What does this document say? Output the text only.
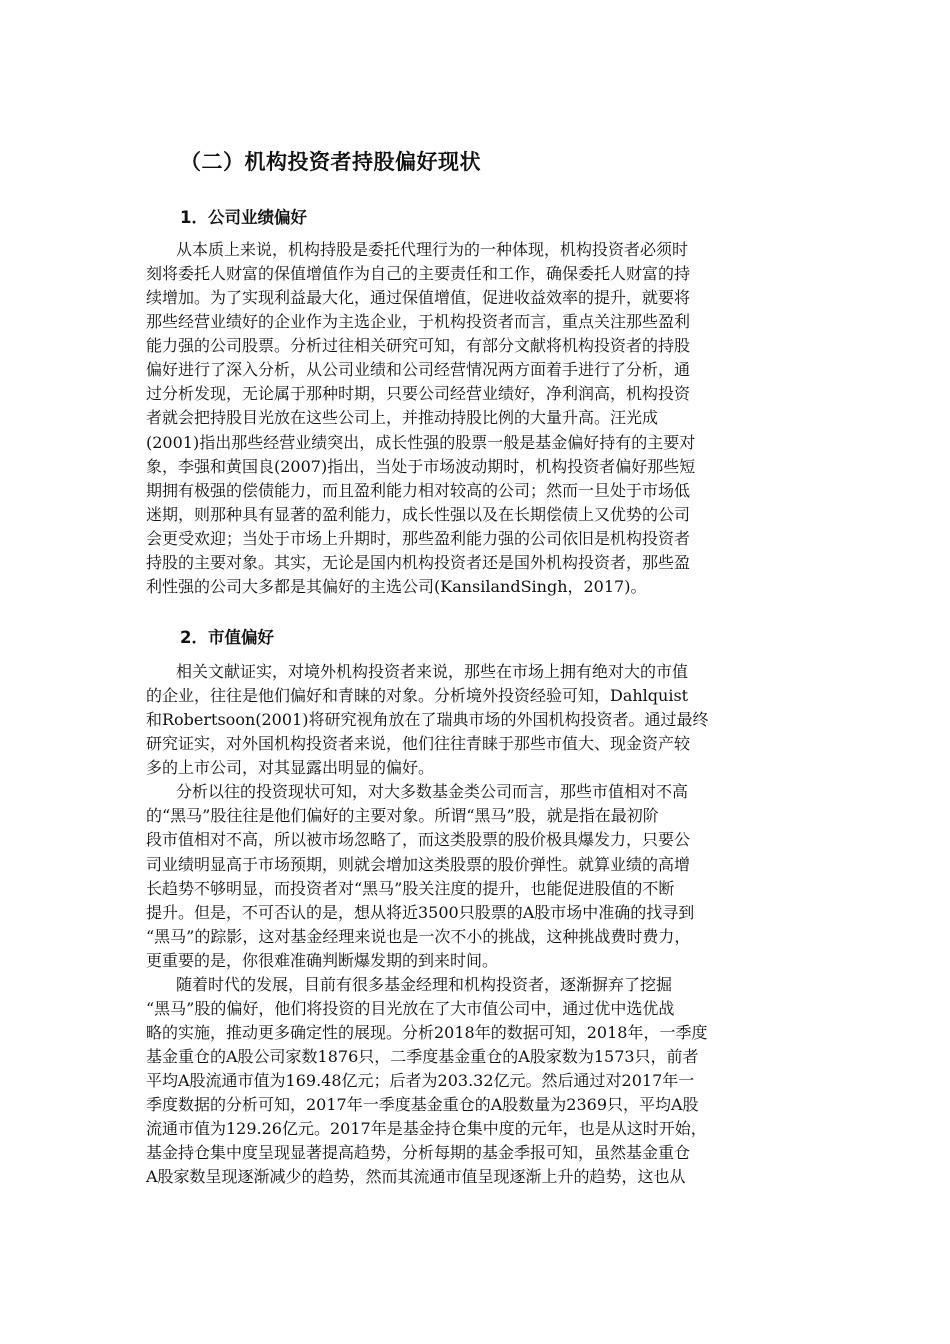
（二）机构投资者持股偏好现状
1．公司业绩偏好
从本质上来说，机构持股是委托代理行为的一种体现，机构投资者必须时
刻将委托人财富的保值增值作为自己的主要责任和工作，确保委托人财富的持
续增加。为了实现利益最大化，通过保值增值，促进收益效率的提升，就要将
那些经营业绩好的企业作为主选企业，于机构投资者而言，重点关注那些盈利
能力强的公司股票。分析过往相关研究可知，有部分文献将机构投资者的持股
偏好进行了深入分析，从公司业绩和公司经营情况两方面着手进行了分析，通
过分析发现，无论属于那种时期，只要公司经营业绩好，净利润高，机构投资
者就会把持股目光放在这些公司上，并推动持股比例的大量升高。汪光成
(2001)指出那些经营业绩突出，成长性强的股票一般是基金偏好持有的主要对
象，李强和黄国良(2007)指出，当处于市场波动期时，机构投资者偏好那些短
期拥有极强的偿债能力，而且盈利能力相对较高的公司；然而一旦处于市场低
迷期，则那种具有显著的盈利能力，成长性强以及在长期偿债上又优势的公司
会更受欢迎；当处于市场上升期时，那些盈利能力强的公司依旧是机构投资者
持股的主要对象。其实，无论是国内机构投资者还是国外机构投资者，那些盈
利性强的公司大多都是其偏好的主选公司(KansilandSingh，2017)。
2．市值偏好
相关文献证实，对境外机构投资者来说，那些在市场上拥有绝对大的市值
的企业，往往是他们偏好和青睐的对象。分析境外投资经验可知，Dahlquist
和Robertsoon(2001)将研究视角放在了瑞典市场的外国机构投资者。通过最终
研究证实，对外国机构投资者来说，他们往往青睐于那些市值大、现金资产较
多的上市公司，对其显露出明显的偏好。
分析以往的投资现状可知，对大多数基金类公司而言，那些市值相对不高
的“黑马”股往往是他们偏好的主要对象。所谓“黑马”股，就是指在最初阶
段市值相对不高，所以被市场忽略了，而这类股票的股价极具爆发力，只要公
司业绩明显高于市场预期，则就会增加这类股票的股价弹性。就算业绩的高增
长趋势不够明显，而投资者对“黑马”股关注度的提升，也能促进股值的不断
提升。但是，不可否认的是，想从将近3500只股票的A股市场中准确的找寻到
“黑马”的踪影，这对基金经理来说也是一次不小的挑战，这种挑战费时费力，
更重要的是，你很难准确判断爆发期的到来时间。
随着时代的发展，目前有很多基金经理和机构投资者，逐渐摒弃了挖掘
“黑马”股的偏好，他们将投资的目光放在了大市值公司中，通过优中选优战
略的实施，推动更多确定性的展现。分析2018年的数据可知，2018年，一季度
基金重仓的A股公司家数1876只，二季度基金重仓的A股家数为1573只，前者
平均A股流通市值为169.48亿元；后者为203.32亿元。然后通过对2017年一
季度数据的分析可知，2017年一季度基金重仓的A股数量为2369只，平均A股
流通市值为129.26亿元。2017年是基金持仓集中度的元年，也是从这时开始，
基金持仓集中度呈现显著提高趋势，分析每期的基金季报可知，虽然基金重仓
A股家数呈现逐渐减少的趋势，然而其流通市值呈现逐渐上升的趋势，这也从
